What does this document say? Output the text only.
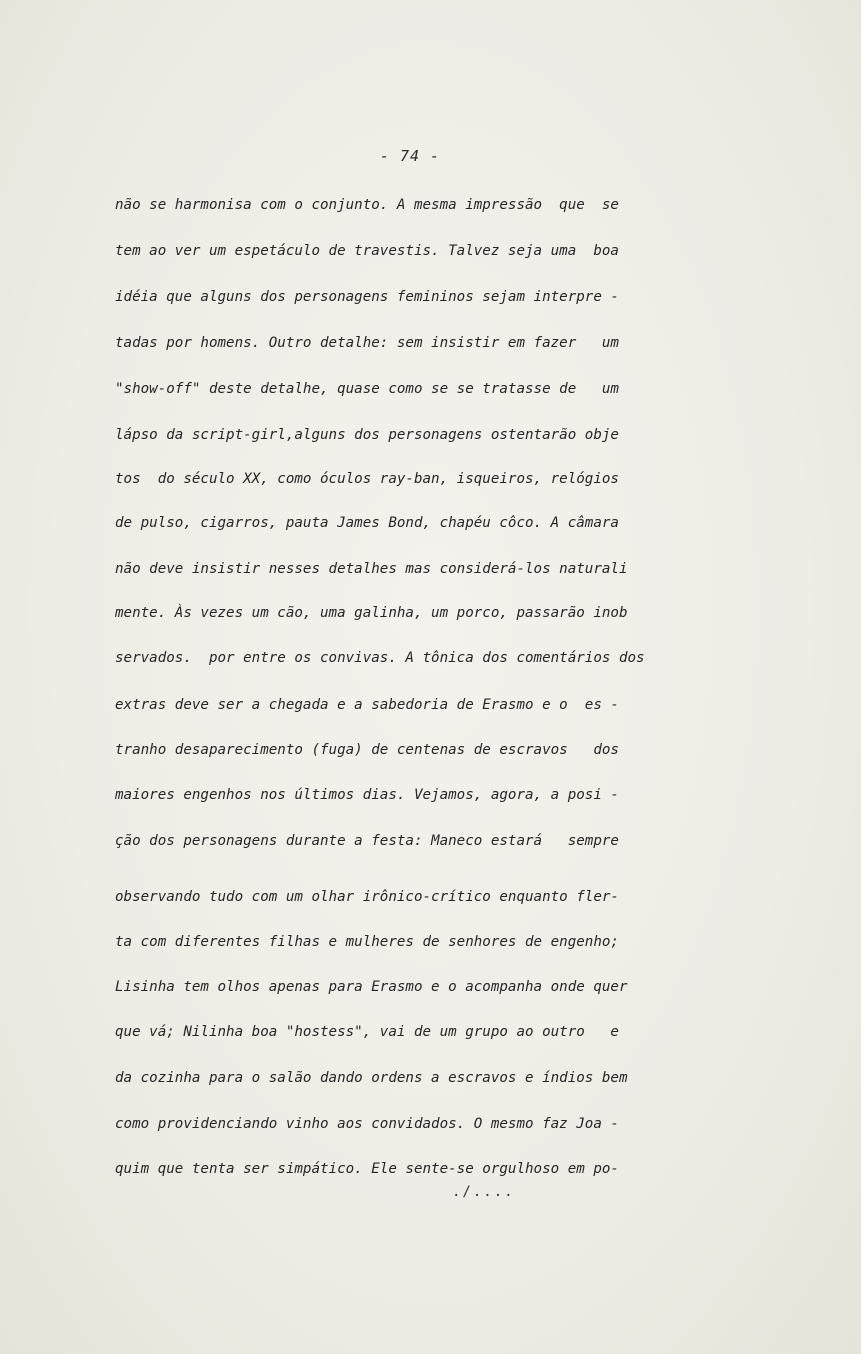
- 74 -
não se harmonisa com o conjunto. A mesma impressão  que  se
tem ao ver um espetáculo de travestis. Talvez seja uma  boa
idéia que alguns dos personagens femininos sejam interpre -
tadas por homens. Outro detalhe: sem insistir em fazer   um
"show-off" deste detalhe, quase como se se tratasse de   um
lápso da script-girl,alguns dos personagens ostentarão obje
tos  do século XX, como óculos ray-ban, isqueiros, relógios
de pulso, cigarros, pauta James Bond, chapéu côco. A câmara
não deve insistir nesses detalhes mas considerá-los naturali
mente. Às vezes um cão, uma galinha, um porco, passarão inob
servados.  por entre os convivas. A tônica dos comentários dos
extras deve ser a chegada e a sabedoria de Erasmo e o  es -
tranho desaparecimento (fuga) de centenas de escravos   dos
maiores engenhos nos últimos dias. Vejamos, agora, a posi -
ção dos personagens durante a festa: Maneco estará   sempre
observando tudo com um olhar irônico-crítico enquanto fler-
ta com diferentes filhas e mulheres de senhores de engenho;
Lisinha tem olhos apenas para Erasmo e o acompanha onde quer
que vá; Nilinha boa "hostess", vai de um grupo ao outro   e
da cozinha para o salão dando ordens a escravos e índios bem
como providenciando vinho aos convidados. O mesmo faz Joa -
quim que tenta ser simpático. Ele sente-se orgulhoso em po-
./....
